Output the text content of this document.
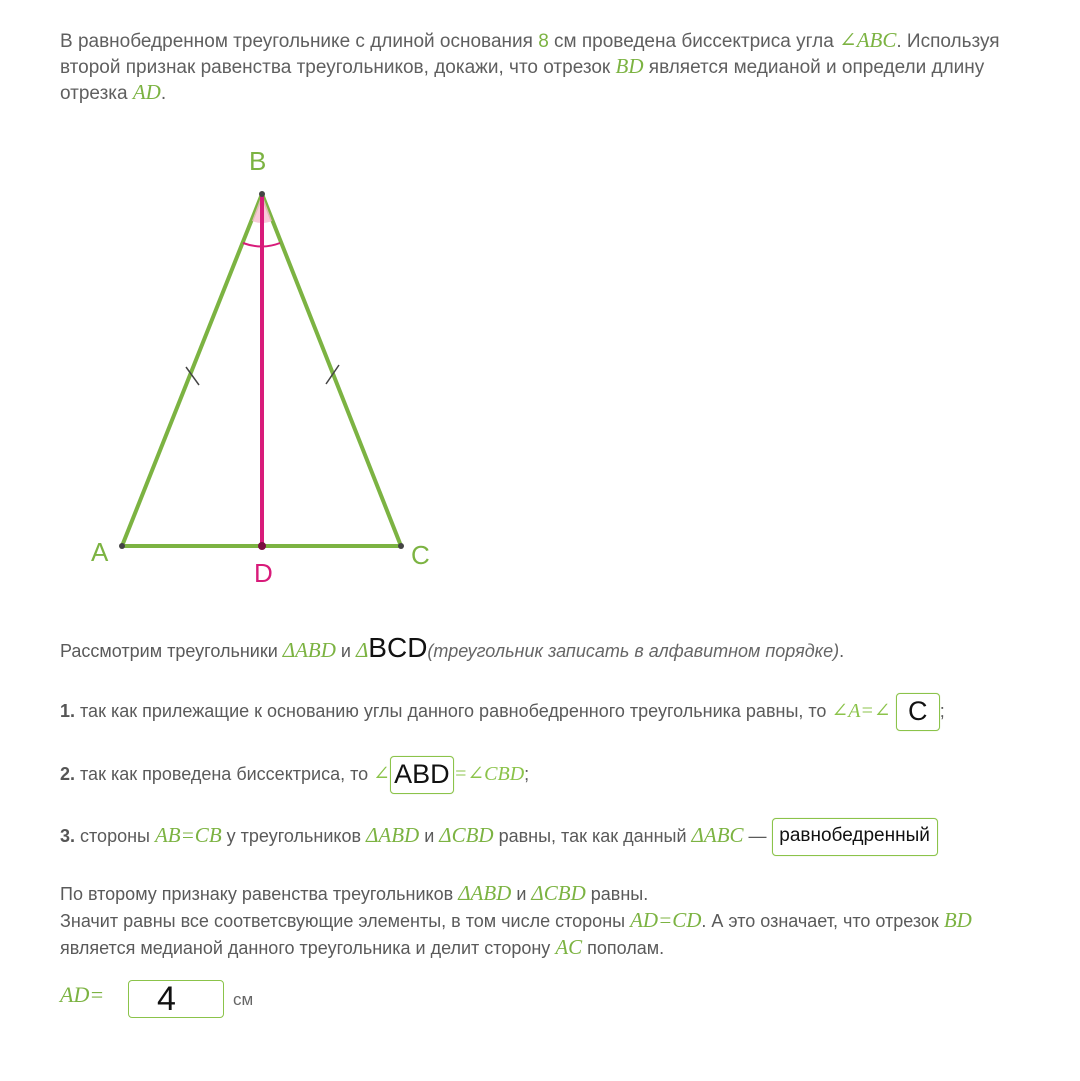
В равнобедренном треугольнике с длиной основания 8 см проведена биссектриса угла ∠ABC. Используя второй признак равенства треугольников, докажи, что отрезок BD является медианой и определи длину отрезка AD.
B
A	C
D
Рассмотрим треугольники ΔABD и ΔBCD(треугольник записать в алфавитном порядке).
1. так как прилежащие к основанию углы данного равнобедренного треугольника равны, то ∠A=∠ C ;
2. так как проведена биссектриса, то ∠ ABD =∠CBD;
3. стороны AB=CB у треугольников ΔABD и ΔCBD равны, так как данный ΔABC — равнобедренный
По второму признаку равенства треугольников ΔABD и ΔCBD равны.
Значит равны все соответсвующие элементы, в том числе стороны AD=CD. А это означает, что отрезок BD
является медианой данного треугольника и делит сторону AC пополам.
AD=	4	см
